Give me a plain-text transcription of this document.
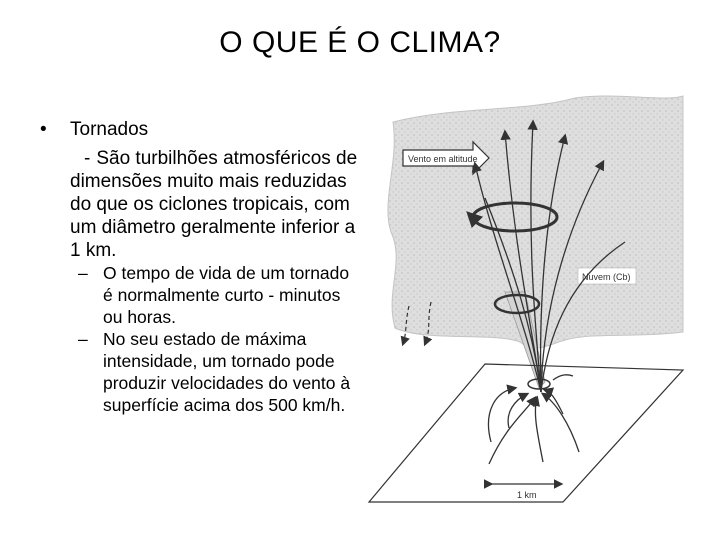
O QUE É O CLIMA?
• Tornados
- São turbilhões atmosféricos de dimensões muito mais reduzidas do que os ciclones tropicais, com um diâmetro geralmente inferior a 1 km.
– O tempo de vida de um tornado é normalmente curto - minutos ou horas.
– No seu estado de máxima intensidade, um tornado pode produzir velocidades do vento à superfície acima dos 500 km/h.
Vento em altitude
Nuvem (Cb)
1 km
